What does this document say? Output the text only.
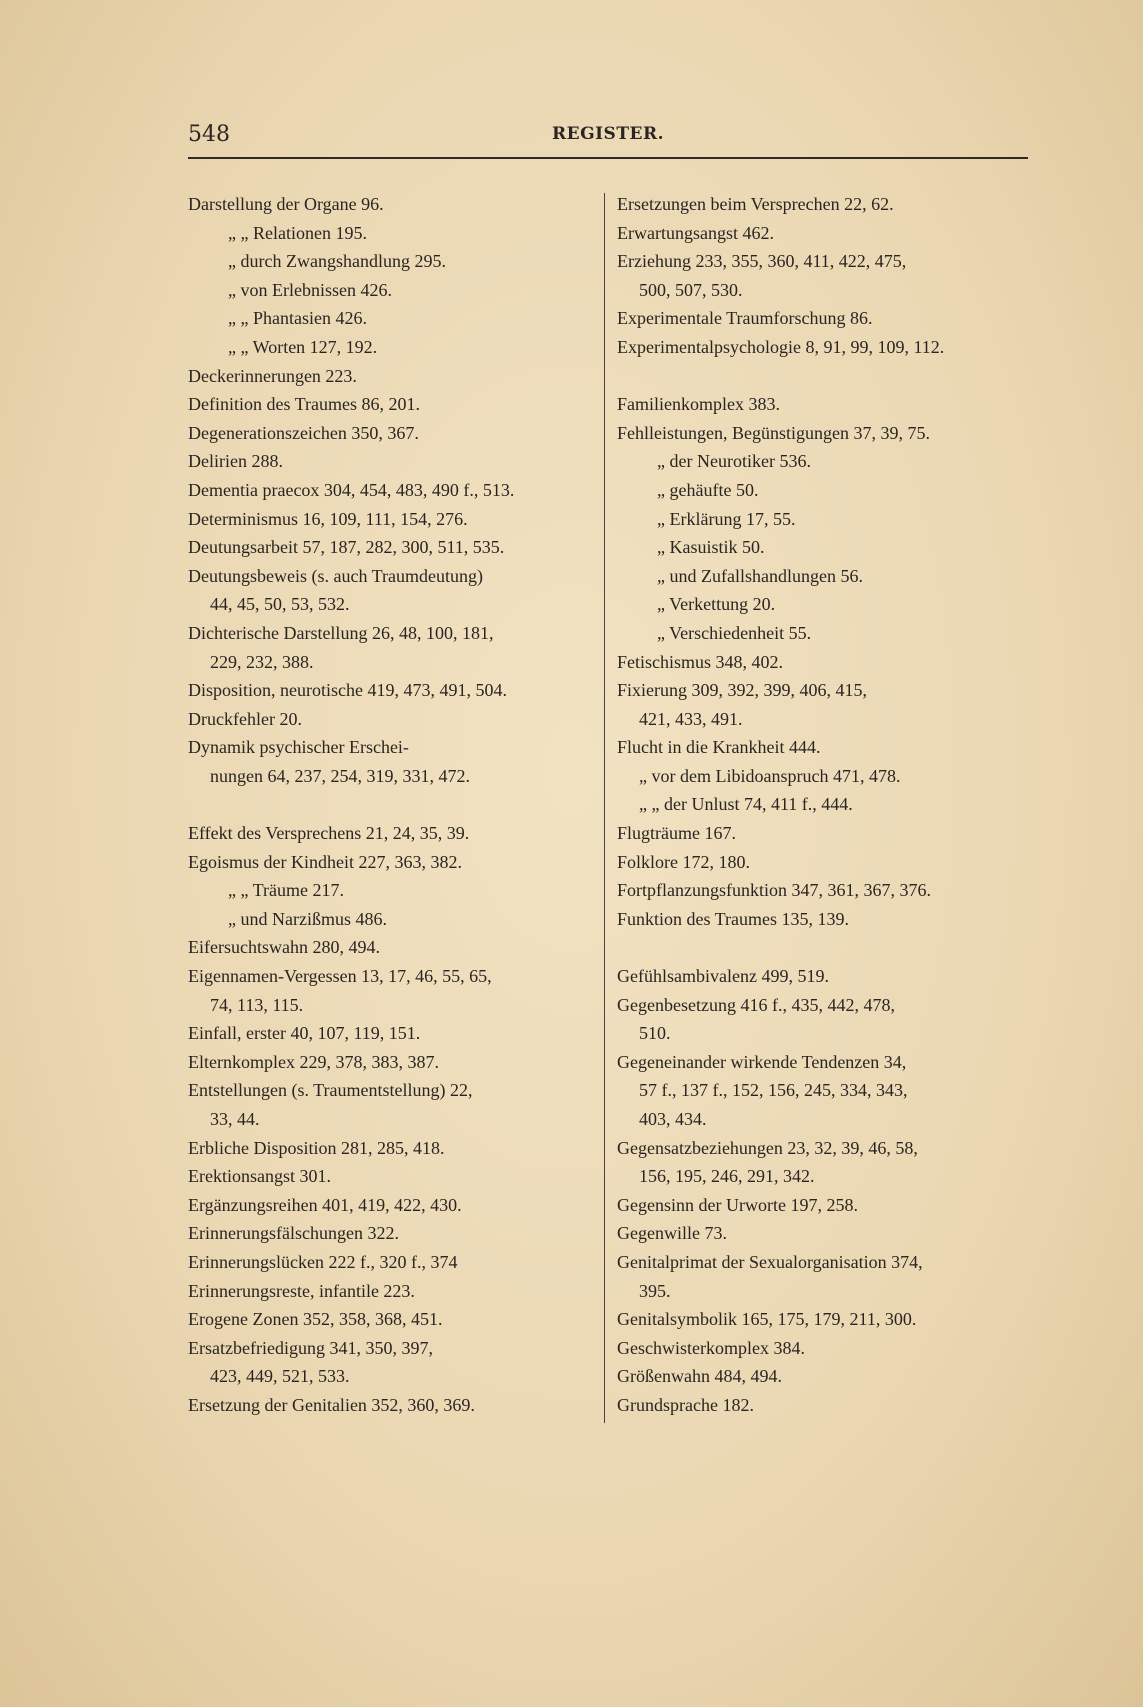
548	REGISTER.
Darstellung der Organe 96.
„ „ Relationen 195.
„ durch Zwangshandlung 295.
„ von Erlebnissen 426.
„ „ Phantasien 426.
„ „ Worten 127, 192.
Deckerinnerungen 223.
Definition des Traumes 86, 201.
Degenerationszeichen 350, 367.
Delirien 288.
Dementia praecox 304, 454, 483, 490 f., 513.
Determinismus 16, 109, 111, 154, 276.
Deutungsarbeit 57, 187, 282, 300, 511, 535.
Deutungsbeweis (s. auch Traumdeutung)
44, 45, 50, 53, 532.
Dichterische Darstellung 26, 48, 100, 181,
229, 232, 388.
Disposition, neurotische 419, 473, 491, 504.
Druckfehler 20.
Dynamik psychischer Erschei-
nungen 64, 237, 254, 319, 331, 472.
Effekt des Versprechens 21, 24, 35, 39.
Egoismus der Kindheit 227, 363, 382.
„ „ Träume 217.
„ und Narzißmus 486.
Eifersuchtswahn 280, 494.
Eigennamen-Vergessen 13, 17, 46, 55, 65,
74, 113, 115.
Einfall, erster 40, 107, 119, 151.
Elternkomplex 229, 378, 383, 387.
Entstellungen (s. Traumentstellung) 22,
33, 44.
Erbliche Disposition 281, 285, 418.
Erektionsangst 301.
Ergänzungsreihen 401, 419, 422, 430.
Erinnerungsfälschungen 322.
Erinnerungslücken 222 f., 320 f., 374
Erinnerungsreste, infantile 223.
Erogene Zonen 352, 358, 368, 451.
Ersatzbefriedigung 341, 350, 397,
423, 449, 521, 533.
Ersetzung der Genitalien 352, 360, 369.
Ersetzungen beim Versprechen 22, 62.
Erwartungsangst 462.
Erziehung 233, 355, 360, 411, 422, 475,
500, 507, 530.
Experimentale Traumforschung 86.
Experimentalpsychologie 8, 91, 99, 109, 112.
Familienkomplex 383.
Fehlleistungen, Begünstigungen 37, 39, 75.
„ der Neurotiker 536.
„ gehäufte 50.
„ Erklärung 17, 55.
„ Kasuistik 50.
„ und Zufallshandlungen 56.
„ Verkettung 20.
„ Verschiedenheit 55.
Fetischismus 348, 402.
Fixierung 309, 392, 399, 406, 415,
421, 433, 491.
Flucht in die Krankheit 444.
„ vor dem Libidoanspruch 471, 478.
„ „ der Unlust 74, 411 f., 444.
Flugträume 167.
Folklore 172, 180.
Fortpflanzungsfunktion 347, 361, 367, 376.
Funktion des Traumes 135, 139.
Gefühlsambivalenz 499, 519.
Gegenbesetzung 416 f., 435, 442, 478,
510.
Gegeneinander wirkende Tendenzen 34,
57 f., 137 f., 152, 156, 245, 334, 343,
403, 434.
Gegensatzbeziehungen 23, 32, 39, 46, 58,
156, 195, 246, 291, 342.
Gegensinn der Urworte 197, 258.
Gegenwille 73.
Genitalprimat der Sexualorganisation 374,
395.
Genitalsymbolik 165, 175, 179, 211, 300.
Geschwisterkomplex 384.
Größenwahn 484, 494.
Grundsprache 182.
